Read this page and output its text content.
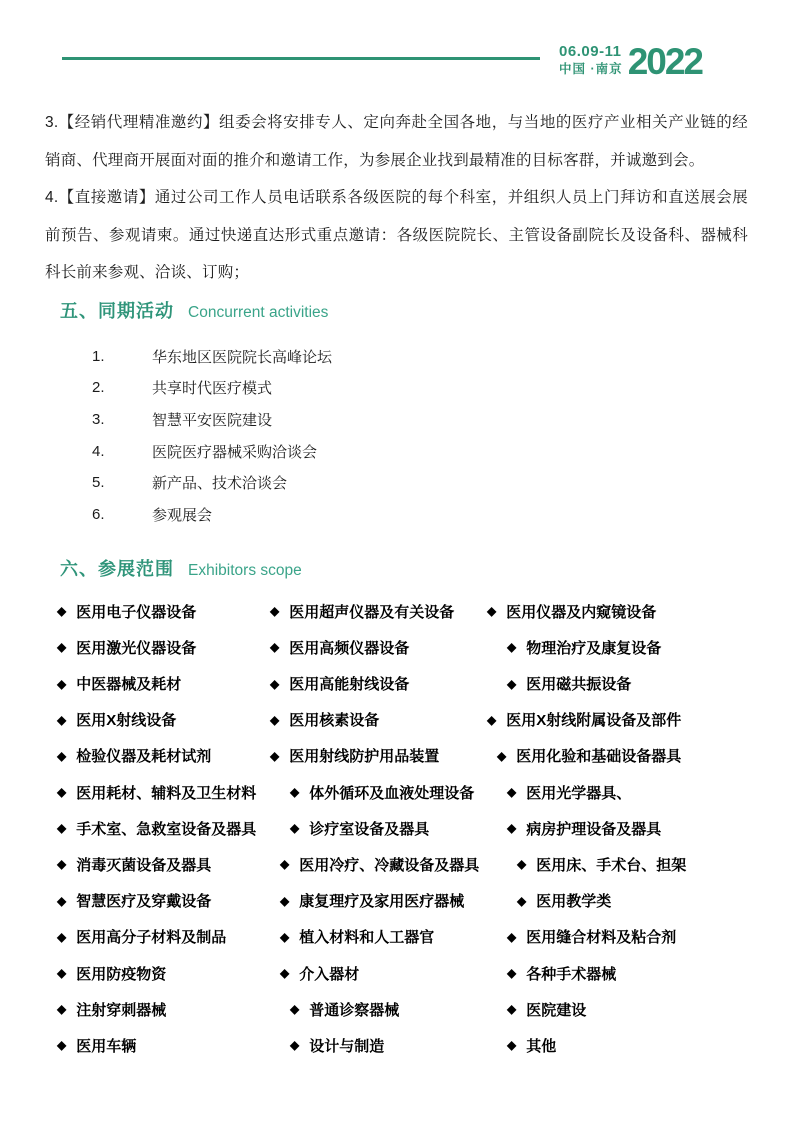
06.09-11
中国 ·南京 2022

3.【经销代理精准邀约】组委会将安排专人、定向奔赴全国各地，与当地的医疗产业相关产业链的经销商、代理商开展面对面的推介和邀请工作，为参展企业找到最精准的目标客群，并诚邀到会。

4.【直接邀请】通过公司工作人员电话联系各级医院的每个科室，并组织人员上门拜访和直送展会展前预告、参观请柬。通过快递直达形式重点邀请：各级医院院长、主管设备副院长及设备科、器械科科长前来参观、洽谈、订购；

五、同期活动 Concurrent activities
1.	华东地区医院院长高峰论坛
2.	共享时代医疗模式
3.	智慧平安医院建设
4.	医院医疗器械采购洽谈会
5.	新产品、技术洽谈会
6.	参观展会
六、参展范围 Exhibitors scope
◆ 医用电子仪器设备	◆ 医用超声仪器及有关设备	◆ 医用仪器及内窥镜设备
◆ 医用激光仪器设备	◆ 医用高频仪器设备	◆ 物理治疗及康复设备
◆ 中医器械及耗材	◆ 医用高能射线设备	◆ 医用磁共振设备
◆ 医用X射线设备	◆ 医用核素设备	◆ 医用X射线附属设备及部件
◆ 检验仪器及耗材试剂	◆ 医用射线防护用品装置	◆ 医用化验和基础设备器具
◆ 医用耗材、辅料及卫生材料	◆ 体外循环及血液处理设备	◆ 医用光学器具、
◆ 手术室、急救室设备及器具	◆ 诊疗室设备及器具	◆ 病房护理设备及器具
◆ 消毒灭菌设备及器具	◆ 医用冷疗、冷藏设备及器具	◆ 医用床、手术台、担架
◆ 智慧医疗及穿戴设备	◆ 康复理疗及家用医疗器械	◆ 医用教学类
◆ 医用高分子材料及制品	◆ 植入材料和人工器官	◆ 医用缝合材料及粘合剂
◆ 医用防疫物资	◆ 介入器材	◆ 各种手术器械
◆ 注射穿刺器械	◆ 普通诊察器械	◆ 医院建设
◆ 医用车辆	◆ 设计与制造	◆ 其他
